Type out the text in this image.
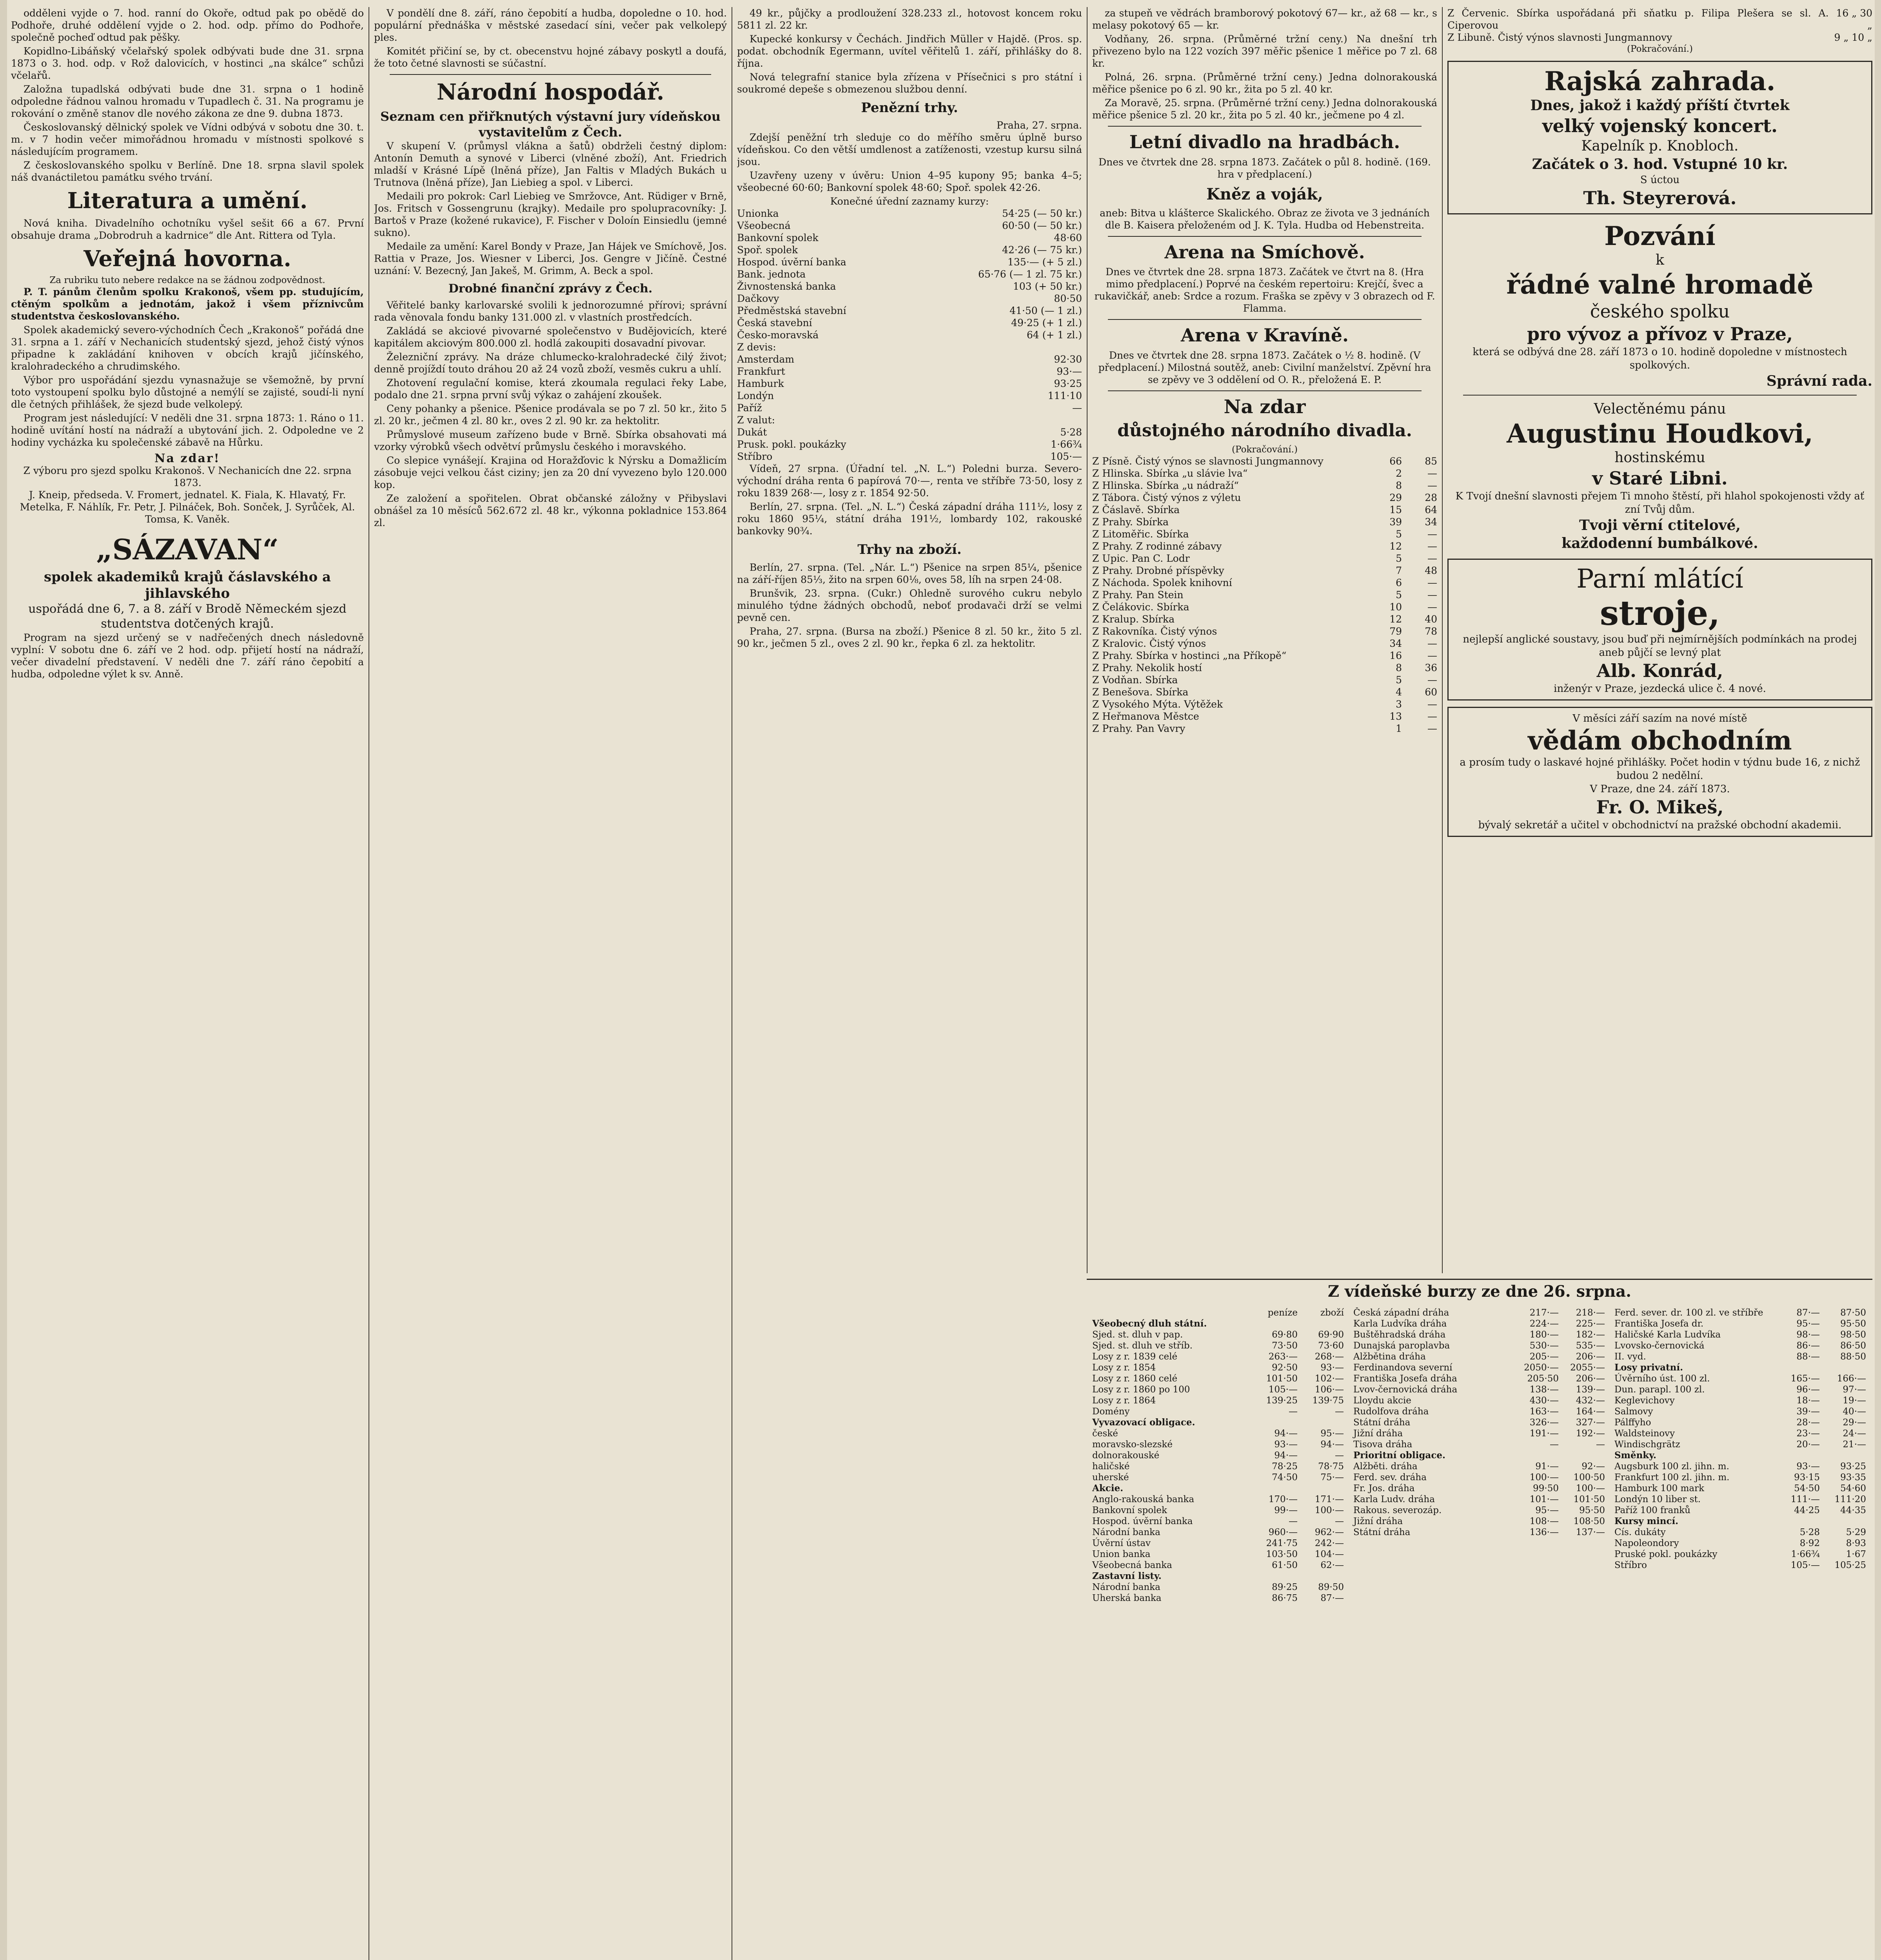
odděleni vyjde o 7. hod. ranní do Okoře, odtud pak po obědě do Podhoře, druhé oddělení vyjde o 2. hod. odp. přímo do Podhoře, společně pocheď odtud pak pěšky.

Kopidlno-Libáňský včelařský spolek odbývati bude dne 31. srpna 1873 o 3. hod. odp. v Rož dalovicích, v hostinci „na skálce“ schůzi včelařů.

Založna tupadlská odbývati bude dne 31. srpna o 1 hodině odpoledne řádnou valnou hromadu v Tupadlech č. 31. Na programu je rokování o změně stanov dle nového zákona ze dne 9. dubna 1873.

Českoslovanský dělnický spolek ve Vídni odbývá v sobotu dne 30. t. m. v 7 hodin večer mimořádnou hromadu v místnosti spolkové s následujícím programem.

Z českoslovanského spolku v Berlíně. Dne 18. srpna slavil spolek náš dvanáctiletou památku svého trvání.

Literatura a umění.

Nová kniha. Divadelního ochotníku vyšel sešit 66 a 67. První obsahuje drama „Dobrodruh a kadrnice“ dle Ant. Rittera od Tyla.

Veřejná hovorna.
Za rubriku tuto nebere redakce na se žádnou zodpovědnost.

P. T. pánům členům spolku Krakonoš, všem pp. studujícím, ctěným spolkům a jednotám, jakož i všem příznivcům studentstva českoslovanského.

Spolek akademický severo-východních Čech „Krakonoš“ pořádá dne 31. srpna a 1. září v Nechanicích studentský sjezd, jehož čistý výnos připadne k zakládání knihoven v obcích krajů jičínského, kralohradeckého a chrudimského.

Výbor pro uspořádání sjezdu vynasnažuje se všemožně, by první toto vystoupení spolku bylo důstojné a nemýlí se zajisté, soudí-li nyní dle četných přihlášek, že sjezd bude velkolepý.

Program jest následující: V neděli dne 31. srpna 1873: 1. Ráno o 11. hodině uvítání hostí na nádraží a ubytování jich. 2. Odpoledne ve 2 hodiny vycházka ku společenské zábavě na Hůrku.

Na zdar!
Z výboru pro sjezd spolku Krakonoš. V Nechanicích dne 22. srpna 1873.
J. Kneip, předseda. V. Fromert, jednatel. K. Fiala, K. Hlavatý, Fr. Metelka, F. Náhlík, Fr. Petr, J. Pilnáček, Boh. Sonček, J. Syrůček, Al. Tomsa, K. Vaněk.
„SÁZAVAN“
spolek akademiků krajů čáslavského a jihlavského
uspořádá dne 6, 7. a 8. září v Brodě Německém sjezd studentstva dotčených krajů.

Program na sjezd určený se v nadřečených dnech následovně vyplní: V sobotu dne 6. září ve 2 hod. odp. přijetí hostí na nádraží, večer divadelní představení. V neděli dne 7. září ráno čepobití a hudba, odpoledne výlet k sv. Anně.

V pondělí dne 8. září, ráno čepobití a hudba, dopoledne o 10. hod. populární přednáška v městské zasedací síni, večer pak velkolepý ples.

Komitét přičiní se, by ct. obecenstvu hojné zábavy poskytl a doufá, že toto četné slavnosti se súčastní.

Národní hospodář.
Seznam cen přiřknutých výstavní jury vídeňskou vystavitelům z Čech.

V skupení V. (průmysl vlákna a šatů) obdrželi čestný diplom: Antonín Demuth a synové v Liberci (vlněné zboží), Ant. Friedrich mladší v Krásné Lípě (lněná příze), Jan Faltis v Mladých Bukách u Trutnova (lněná příze), Jan Liebieg a spol. v Liberci.

Medaili pro pokrok: Carl Liebieg ve Smržovce, Ant. Rüdiger v Brně, Jos. Fritsch v Gossengrunu (krajky). Medaile pro spolupracovníky: J. Bartoš v Praze (kožené rukavice), F. Fischer v Doloín Einsiedlu (jemné sukno).

Medaile za umění: Karel Bondy v Praze, Jan Hájek ve Smíchově, Jos. Rattia v Praze, Jos. Wiesner v Liberci, Jos. Gengre v Jičíně. Čestné uznání: V. Bezecný, Jan Jakeš, M. Grimm, A. Beck a spol.

Drobné finanční zprávy z Čech.

Věřitelé banky karlovarské svolili k jednorozumné přírovi; správní rada věnovala fondu banky 131.000 zl. v vlastních prostředcích.

Zakládá se akciové pivovarné společenstvo v Budějovicích, které kapitálem akciovým 800.000 zl. hodlá zakoupiti dosavadní pivovar.

Železniční zprávy. Na dráze chlumecko-kralohradecké čilý život; denně projíždí touto dráhou 20 až 24 vozů zboží, vesměs cukru a uhlí.

Zhotovení regulační komise, která zkoumala regulaci řeky Labe, podalo dne 21. srpna první svůj výkaz o zahájení zkoušek.

Ceny pohanky a pšenice. Pšenice prodávala se po 7 zl. 50 kr., žito 5 zl. 20 kr., ječmen 4 zl. 80 kr., oves 2 zl. 90 kr. za hektolitr.

Průmyslové museum zařízeno bude v Brně. Sbírka obsahovati má vzorky výrobků všech odvětví průmyslu českého i moravského.

Co slepice vynášejí. Krajina od Horažďovic k Nýrsku a Domažlicím zásobuje vejci velkou část ciziny; jen za 20 dní vyvezeno bylo 120.000 kop.

Ze založení a spořitelen. Obrat občanské záložny v Přibyslavi obnášel za 10 měsíců 562.672 zl. 48 kr., výkonna pokladnice 153.864 zl.

49 kr., půjčky a prodloužení 328.233 zl., hotovost koncem roku 5811 zl. 22 kr.

Kupecké konkursy v Čechách. Jindřich Müller v Hajdě. (Pros. sp. podat. obchodník Egermann, uvítel věřitelů 1. září, přihlášky do 8. října.

Nová telegrafní stanice byla zřízena v Přísečnici s pro státní i soukromé depeše s obmezenou službou denní.

Penězní trhy.
Praha, 27. srpna.

Zdejší peněžní trh sleduje co do měřího směru úplně burso vídeňskou. Co den větší umdlenost a zatíženosti, vzestup kursu silná jsou.

Uzavřeny uzeny v úvěru: Union 4–95 kupony 95; banka 4–5; všeobecné 60·60; Bankovní spolek 48·60; Spoř. spolek 42·26.

Konečné úřední zaznamy kurzy:
Unionka	54·25 (— 50 kr.)
Všeobecná	60·50 (— 50 kr.)
Bankovní spolek	48·60
Spoř. spolek	42·26 (— 75 kr.)
Hospod. úvěrní banka	135·— (+ 5 zl.)
Bank. jednota	65·76 (— 1 zl. 75 kr.)
Živnostenská banka	103 (+ 50 kr.)
Dačkovy	80·50
Předměstská stavební	41·50 (— 1 zl.)
Česká stavební	49·25 (+ 1 zl.)
Česko-moravská	64 (+ 1 zl.)
Z devis:
Amsterdam	92·30
Frankfurt	93·—
Hamburk	93·25
Londýn	111·10
Paříž	—
Z valut:
Dukát	5·28
Prusk. pokl. poukázky	1·66¾
Stříbro	105·—

Vídeň, 27 srpna. (Úřadní tel. „N. L.“) Poledni burza. Severo-východní dráha renta 6 papírová 70·—, renta ve stříbře 73·50, losy z roku 1839 268·—, losy z r. 1854 92·50.

Berlín, 27. srpna. (Tel. „N. L.“) Česká západní dráha 111½, losy z roku 1860 95¼, státní dráha 191½, lombardy 102, rakouské bankovky 90¾.

Trhy na zboží.

Berlín, 27. srpna. (Tel. „Nár. L.“) Pšenice na srpen 85¼, pšenice na září-říjen 85⅓, žito na srpen 60⅛, oves 58, líh na srpen 24·08.

Brunšvik, 23. srpna. (Cukr.) Ohledně surového cukru nebylo minulého týdne žádných obchodů, neboť prodavači drží se velmi pevně cen.

Praha, 27. srpna. (Bursa na zboží.) Pšenice 8 zl. 50 kr., žito 5 zl. 90 kr., ječmen 5 zl., oves 2 zl. 90 kr., řepka 6 zl. za hektolitr.

za stupeň ve vědrách bramborový pokotový 67— kr., až 68 — kr., s melasy pokotový 65 — kr.

Vodňany, 26. srpna. (Průměrné tržní ceny.) Na dnešní trh přivezeno bylo na 122 vozích 397 měřic pšenice 1 měřice po 7 zl. 68 kr.

Polná, 26. srpna. (Průměrné tržní ceny.) Jedna dolnorakouská měřice pšenice po 6 zl. 90 kr., žita po 5 zl. 40 kr.

Za Moravě, 25. srpna. (Průměrné tržní ceny.) Jedna dolnorakouská měřice pšenice 5 zl. 20 kr., žita po 5 zl. 40 kr., ječmene po 4 zl.

Letní divadlo na hradbách.
Dnes ve čtvrtek dne 28. srpna 1873. Začátek o půl 8. hodině. (169. hra v předplacení.)
Kněz a voják,
aneb: Bitva u klášterce Skalického. Obraz ze života ve 3 jednáních dle B. Kaisera přeloženém od J. K. Tyla. Hudba od Hebenstreita.
Arena na Smíchově.
Dnes ve čtvrtek dne 28. srpna 1873. Začátek ve čtvrt na 8. (Hra mimo předplacení.) Poprvé na českém repertoiru: Krejčí, švec a rukavičkář, aneb: Srdce a rozum. Fraška se zpěvy v 3 obrazech od F. Flamma.
Arena v Kravíně.
Dnes ve čtvrtek dne 28. srpna 1873. Začátek o ½ 8. hodině. (V předplacení.) Milostná soutěž, aneb: Civilní manželství. Zpěvní hra se zpěvy ve 3 oddělení od O. R., přeložená E. P.
Na zdar
důstojného národního divadla.
(Pokračování.)
Z Písně. Čistý výnos se slavnosti Jungmannovy	66	85
Z Hlinska. Sbírka „u slávie lva“	2	—
Z Hlinska. Sbírka „u nádraží“	8	—
Z Tábora. Čistý výnos z výletu	29	28
Z Čáslavě. Sbírka	15	64
Z Prahy. Sbírka	39	34
Z Litoměřic. Sbírka	5	—
Z Prahy. Z rodinné zábavy	12	—
Z Upic. Pan C. Lodr	5	—
Z Prahy. Drobné příspěvky	7	48
Z Náchoda. Spolek knihovní	6	—
Z Prahy. Pan Stein	5	—
Z Čelákovic. Sbírka	10	—
Z Kralup. Sbírka	12	40
Z Rakovníka. Čistý výnos	79	78
Z Kralovic. Čistý výnos	34	—
Z Prahy. Sbírka v hostinci „na Příkopě“	16	—
Z Prahy. Nekolik hostí	8	36
Z Vodňan. Sbírka	5	—
Z Benešova. Sbírka	4	60
Z Vysokého Mýta. Výtěžek	3	—
Z Heřmanova Městce	13	—
Z Prahy. Pan Vavry	1	—
Z Červenic. Sbírka uspořádaná při sňatku p. Filipa Plešera se sl. A. Ciperovou
16 „ 30 „
Z Libuně. Čistý výnos slavnosti Jungmannovy	9 „ 10 „
(Pokračování.)
Rajská zahrada.
Dnes, jakož i každý příští čtvrtek
velký vojenský koncert.
Kapelník p. Knobloch.
Začátek o 3. hod. Vstupné 10 kr.
S úctou
Th. Steyrerová.
Pozvání
k
řádné valné hromadě
českého spolku
pro vývoz a přívoz v Praze,
která se odbývá dne 28. září 1873 o 10. hodině dopoledne v místnostech spolkových.
Správní rada.
Velectěnému pánu
Augustinu Houdkovi,
hostinskému
v Staré Libni.
K Tvojí dnešní slavnosti přejem Ti mnoho štěstí, při hlahol spokojenosti vždy ať zní Tvůj dům.
Tvoji věrní ctitelové,
každodenní bumbálkové.
Parní mlátící
stroje,
nejlepší anglické soustavy, jsou buď při nejmírnějších podmínkách na prodej aneb půjčí se levný plat
Alb. Konrád,
inženýr v Praze, jezdecká ulice č. 4 nové.
V měsíci září sazím na nové místě
vědám obchodním
a prosím tudy o laskavé hojné přihlášky. Počet hodin v týdnu bude 16, z nichž budou 2 nedělní.
V Praze, dne 24. září 1873.
Fr. O. Mikeš,
bývalý sekretář a učitel v obchodnictví na pražské obchodní akademii.
Z vídeňské burzy ze dne 26. srpna.
	peníze	zboží
Všeobecný dluh státní.		
Sjed. st. dluh v pap.	69·80	69·90
Sjed. st. dluh ve stříb.	73·50	73·60
Losy z r. 1839 celé	263·—	268·—
Losy z r. 1854	92·50	93·—
Losy z r. 1860 celé	101·50	102·—
Losy z r. 1860 po 100	105·—	106·—
Losy z r. 1864	139·25	139·75
Domény	—	—
Vyvazovací obligace.		
české	94·—	95·—
moravsko-slezské	93·—	94·—
dolnorakouské	94·—	—
haličské	78·25	78·75
uherské	74·50	75·—
Akcie.		
Anglo-rakouská banka	170·—	171·—
Bankovní spolek	99·—	100·—
Hospod. úvěrní banka	—	—
Národní banka	960·—	962·—
Úvěrní ústav	241·75	242·—
Union banka	103·50	104·—
Všeobecná banka	61·50	62·—
Zastavní listy.		
Národní banka	89·25	89·50
Uherská banka	86·75	87·—
Česká západní dráha	217·—	218·—
Karla Ludvíka dráha	224·—	225·—
Buštěhradská dráha	180·—	182·—
Dunajská paroplavba	530·—	535·—
Alžbětina dráha	205·—	206·—
Ferdinandova severní	2050·—	2055·—
Františka Josefa dráha	205·50	206·—
Lvov-černovická dráha	138·—	139·—
Lloydu akcie	430·—	432·—
Rudolfova dráha	163·—	164·—
Státní dráha	326·—	327·—
Jižní dráha	191·—	192·—
Tisova dráha	—	—
Prioritní obligace.		
Alžběti. dráha	91·—	92·—
Ferd. sev. dráha	100·—	100·50
Fr. Jos. dráha	99·50	100·—
Karla Ludv. dráha	101·—	101·50
Rakous. severozáp.	95·—	95·50
Jižní dráha	108·—	108·50
Státní dráha	136·—	137·—
Ferd. sever. dr. 100 zl. ve stříbře	87·—	87·50
Františka Josefa dr.	95·—	95·50
Haličské Karla Ludvíka	98·—	98·50
Lvovsko-černovická	86·—	86·50
II. vyd.	88·—	88·50
Losy privatní.		
Úvěrního úst. 100 zl.	165·—	166·—
Dun. parapl. 100 zl.	96·—	97·—
Keglevichovy	18·—	19·—
Salmovy	39·—	40·—
Pálffyho	28·—	29·—
Waldsteinovy	23·—	24·—
Windischgrätz	20·—	21·—
Směnky.		
Augsburk 100 zl. jihn. m.	93·—	93·25
Frankfurt 100 zl. jihn. m.	93·15	93·35
Hamburk 100 mark	54·50	54·60
Londýn 10 liber st.	111·—	111·20
Paříž 100 franků	44·25	44·35
Kursy mincí.		
Cís. dukáty	5·28	5·29
Napoleondory	8·92	8·93
Pruské pokl. poukázky	1·66¾	1·67
Stříbro	105·—	105·25
